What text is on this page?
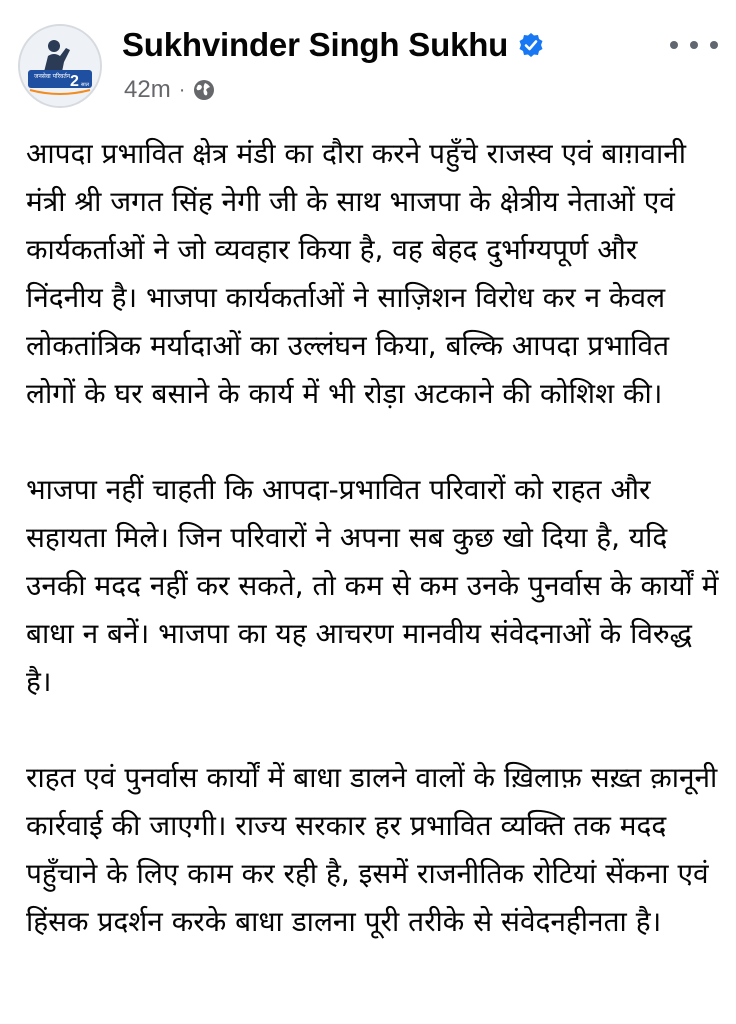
जनसेवा परिवर्तन 2 साल
Sukhvinder Singh Sukhu
42m ·

आपदा प्रभावित क्षेत्र मंडी का दौरा करने पहुँचे राजस्व एवं बाग़वानी मंत्री श्री जगत सिंह नेगी जी के साथ भाजपा के क्षेत्रीय नेताओं एवं कार्यकर्ताओं ने जो व्यवहार किया है, वह बेहद दुर्भाग्यपूर्ण और निंदनीय है। भाजपा कार्यकर्ताओं ने साज़िशन विरोध कर न केवल लोकतांत्रिक मर्यादाओं का उल्लंघन किया, बल्कि आपदा प्रभावित लोगों के घर बसाने के कार्य में भी रोड़ा अटकाने की कोशिश की।

भाजपा नहीं चाहती कि आपदा-प्रभावित परिवारों को राहत और सहायता मिले। जिन परिवारों ने अपना सब कुछ खो दिया है, यदि उनकी मदद नहीं कर सकते, तो कम से कम उनके पुनर्वास के कार्यों में बाधा न बनें। भाजपा का यह आचरण मानवीय संवेदनाओं के विरुद्ध है।

राहत एवं पुनर्वास कार्यों में बाधा डालने वालों के ख़िलाफ़ सख़्त क़ानूनी कार्रवाई की जाएगी। राज्य सरकार हर प्रभावित व्यक्ति तक मदद पहुँचाने के लिए काम कर रही है, इसमें राजनीतिक रोटियां सेंकना एवं हिंसक प्रदर्शन करके बाधा डालना पूरी तरीके से संवेदनहीनता है।
